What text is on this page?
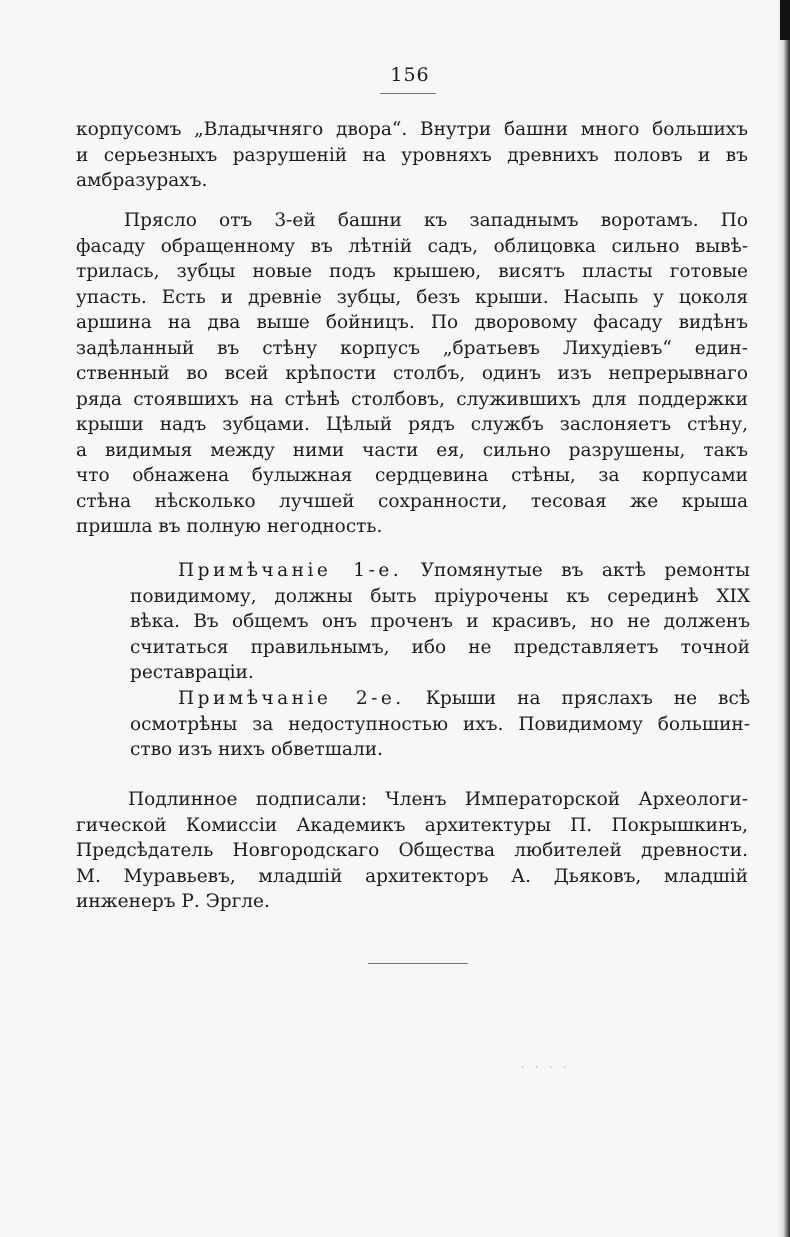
156
корпусомъ „Владычняго двора“. Внутри башни много большихъ
и серьезныхъ разрушеній на уровняхъ древнихъ половъ и въ
амбразурахъ.
Прясло отъ 3-ей башни къ западнымъ воротамъ. По
фасаду обращенному въ лѣтній садъ, облицовка сильно вывѣ-
трилась, зубцы новые подъ крышею, висятъ пласты готовые
упасть. Есть и древніе зубцы, безъ крыши. Насыпь у цоколя
аршина на два выше бойницъ. По дворовому фасаду видѣнъ
задѣланный въ стѣну корпусъ „братьевъ Лихудіевъ“ един-
ственный во всей крѣпости столбъ, одинъ изъ непрерывнаго
ряда стоявшихъ на стѣнѣ столбовъ, служившихъ для поддержки
крыши надъ зубцами. Цѣлый рядъ службъ заслоняетъ стѣну,
а видимыя между ними части ея, сильно разрушены, такъ
что обнажена булыжная сердцевина стѣны, за корпусами
стѣна нѣсколько лучшей сохранности, тесовая же крыша
пришла въ полную негодность.
Примѣчаніе 1-е. Упомянутые въ актѣ ремонты
повидимому, должны быть пріурочены къ серединѣ XIX
вѣка. Въ общемъ онъ проченъ и красивъ, но не долженъ
считаться правильнымъ, ибо не представляетъ точной
реставраціи.
Примѣчаніе 2-е. Крыши на пряслахъ не всѣ
осмотрѣны за недоступностью ихъ. Повидимому большин-
ство изъ нихъ обветшали.
Подлинное подписали: Членъ Императорской Археологи-
гической Комиссіи Академикъ архитектуры П. Покрышкинъ,
Предсѣдатель Новгородскаго Общества любителей древности.
М. Муравьевъ, младшій архитекторъ А. Дьяковъ, младшій
инженеръ Р. Эргле.
˙ ˙ ˙ ˙
